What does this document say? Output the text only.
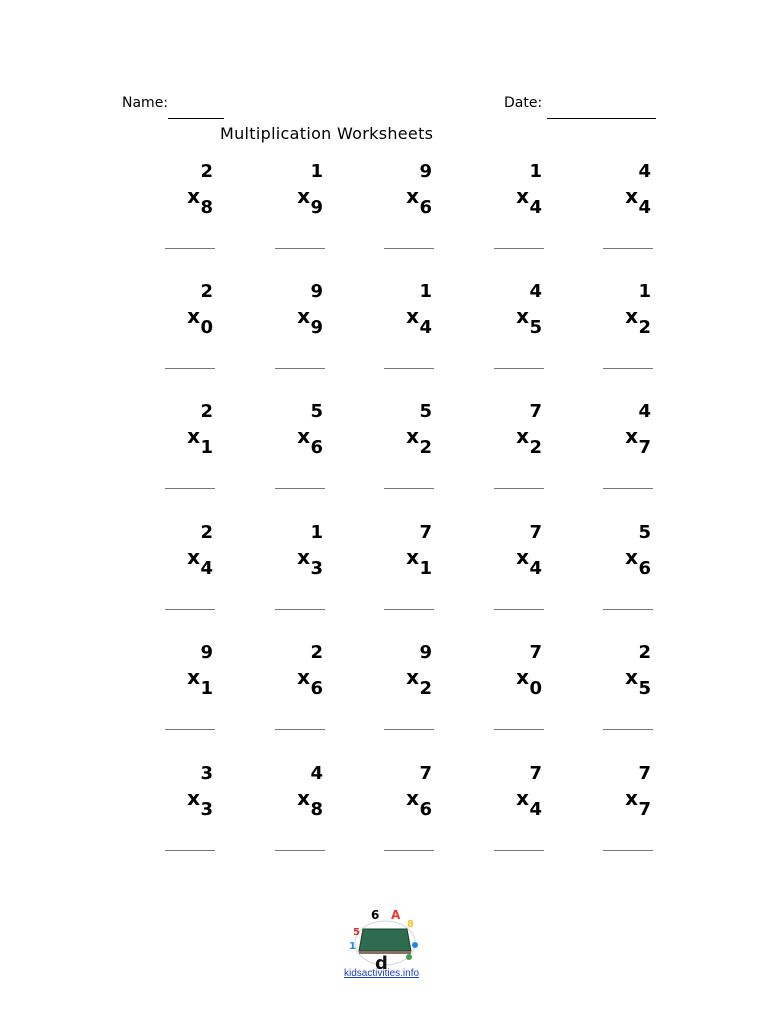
Name:	Date:
Multiplication Worksheets
2
x 8
1
x 9
9
x 6
1
x 4
4
x 4
2
x 0
9
x 9
1
x 4
4
x 5
1
x 2
2
x 1
5
x 6
5
x 2
7
x 2
4
x 7
2
x 4
1
x 3
7
x 1
7
x 4
5
x 6
9
x 1
2
x 6
9
x 2
7
x 0
2
x 5
3
x 3
4
x 8
7
x 6
7
x 4
7
x 7
5
6 A
8
1
d
kidsactivities.info
